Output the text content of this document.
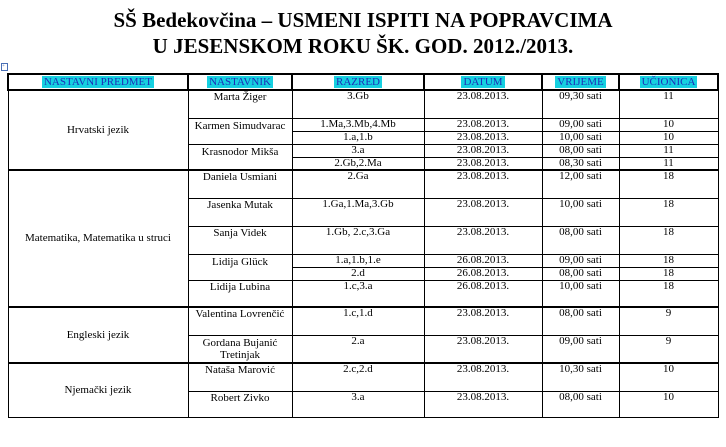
SŠ Bedekovčina – USMENI ISPITI NA POPRAVCIMA
U JESENSKOM ROKU ŠK. GOD. 2012./2013.
+
NASTAVNI PREDMET	NASTAVNIK	RAZRED	DATUM	VRIJEME	UČIONICA
Hrvatski jezik	Marta Žiger	3.Gb	23.08.2013.	09,30 sati	11
	Karmen Simudvarac	1.Ma,3.Mb,4.Mb	23.08.2013.	09,00 sati	10
		1.a,1.b	23.08.2013.	10,00 sati	10
	Krasnodor Mikša	3.a	23.08.2013.	08,00 sati	11
		2.Gb,2.Ma	23.08.2013.	08,30 sati	11
Matematika, Matematika u struci	Daniela Usmiani	2.Ga	23.08.2013.	12,00 sati	18
	Jasenka Mutak	1.Ga,1.Ma,3.Gb	23.08.2013.	10,00 sati	18
	Sanja Videk	1.Gb, 2.c,3.Ga	23.08.2013.	08,00 sati	18
	Lidija Glück	1.a,1.b,1.e	26.08.2013.	09,00 sati	18
		2.d	26.08.2013.	08,00 sati	18
	Lidija Lubina	1.c,3.a	26.08.2013.	10,00 sati	18
Engleski jezik	Valentina Lovrenčić	1.c,1.d	23.08.2013.	08,00 sati	9
	Gordana Bujanić Tretinjak	2.a	23.08.2013.	09,00 sati	9
Njemački jezik	Nataša Marović	2.c,2.d	23.08.2013.	10,30 sati	10
	Robert Zivko	3.a	23.08.2013.	08,00 sati	10
